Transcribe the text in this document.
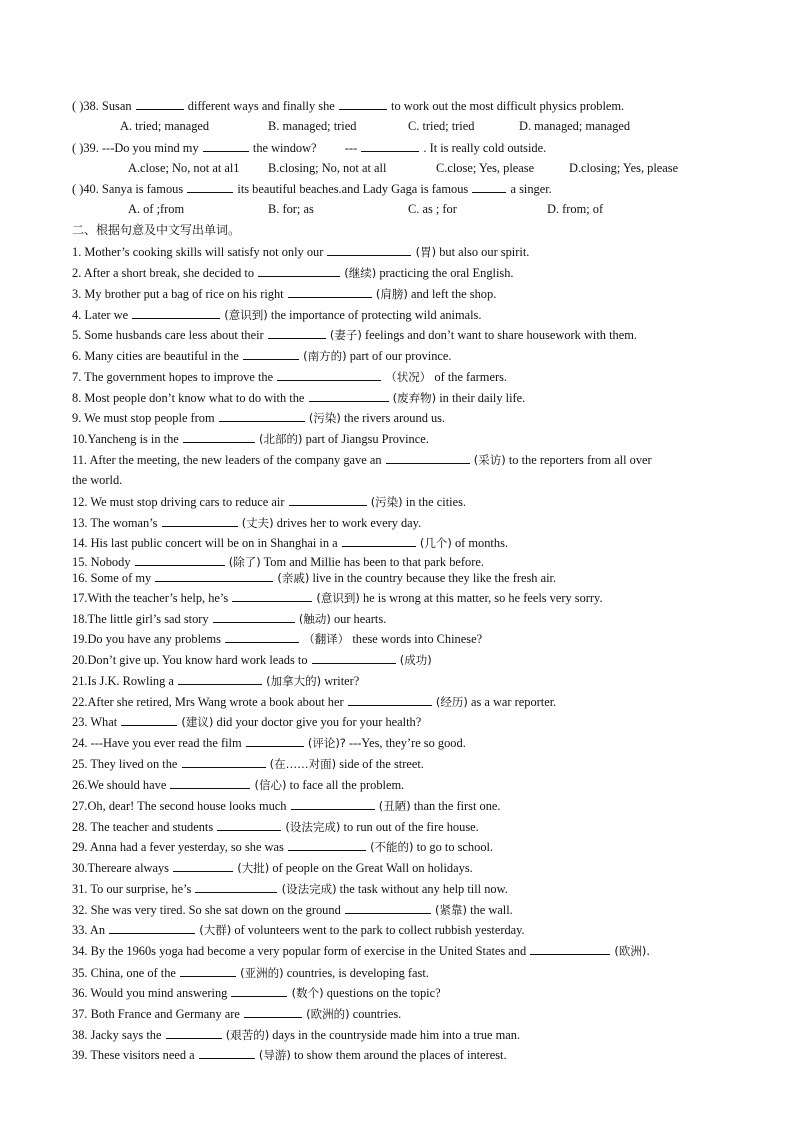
( )38. Susan	different ways and finally she	to work out the most difficult physics problem.
A. tried; managed	B. managed; tried	C. tried; tried	D. managed; managed
( )39. ---Do you mind my	the window? ---	. It is really cold outside.
A.close; No, not at al1 B.closing; No, not at all	C.close; Yes, please	D.closing; Yes, please
( )40. Sanya is famous	its beautiful beaches.and Lady Gaga is famous	a singer.
A. of ;from	B. for; as	C. as ; for	D. from; of
二、根据句意及中文写出单词。
1. Mother’s cooking skills will satisfy not only our	(胃) but also our spirit.
2. After a short break, she decided to	(继续) practicing the oral English.
3. My brother put a bag of rice on his right	(肩膀) and left the shop.
4. Later we	(意识到) the importance of protecting wild animals.
5. Some husbands care less about their	(妻子) feelings and don’t want to share housework with them.
6. Many cities are beautiful in the	(南方的) part of our province.
7. The government hopes to improve the	（状况） of the farmers.
8. Most people don’t know what to do with the	(废弃物) in their daily life.
9. We must stop people from	(污染) the rivers around us.
10.Yancheng is in the	(北部的) part of Jiangsu Province.
11. After the meeting, the new leaders of the company gave an	(采访) to the reporters from all over
the world.
12. We must stop driving cars to reduce air	(污染) in the cities.
13. The woman’s	(丈夫) drives her to work every day.
14. His last public concert will be on in Shanghai in a	(几个) of months.
15. Nobody	(除了) Tom and Millie has been to that park before.
16. Some of my	(亲戚) live in the country because they like the fresh air.
17.With the teacher’s help, he’s	(意识到) he is wrong at this matter, so he feels very sorry.
18.The little girl’s sad story	(触动) our hearts.
19.Do you have any problems	（翻译） these words into Chinese?
20.Don’t give up. You know hard work leads to	(成功)
21.Is J.K. Rowling a	(加拿大的) writer?
22.After she retired, Mrs Wang wrote a book about her	(经历) as a war reporter.
23. What	(建议) did your doctor give you for your health?
24. ---Have you ever read the film	(评论)? ---Yes, they’re so good.
25. They lived on the	(在……对面) side of the street.
26.We should have	(信心) to face all the problem.
27.Oh, dear! The second house looks much	(丑陋) than the first one.
28. The teacher and students	(设法完成) to run out of the fire house.
29. Anna had a fever yesterday, so she was	(不能的) to go to school.
30.Thereare always	(大批) of people on the Great Wall on holidays.
31. To our surprise, he’s	(设法完成) the task without any help till now.
32. She was very tired. So she sat down on the ground	(紧靠) the wall.
33. An	(大群) of volunteers went to the park to collect rubbish yesterday.
34. By the 1960s yoga had become a very popular form of exercise in the United States and	(欧洲).
35. China, one of the	(亚洲的) countries, is developing fast.
36. Would you mind answering	(数个) questions on the topic?
37. Both France and Germany are	(欧洲的) countries.
38. Jacky says the	(艰苦的) days in the countryside made him into a true man.
39. These visitors need a	(导游) to show them around the places of interest.
